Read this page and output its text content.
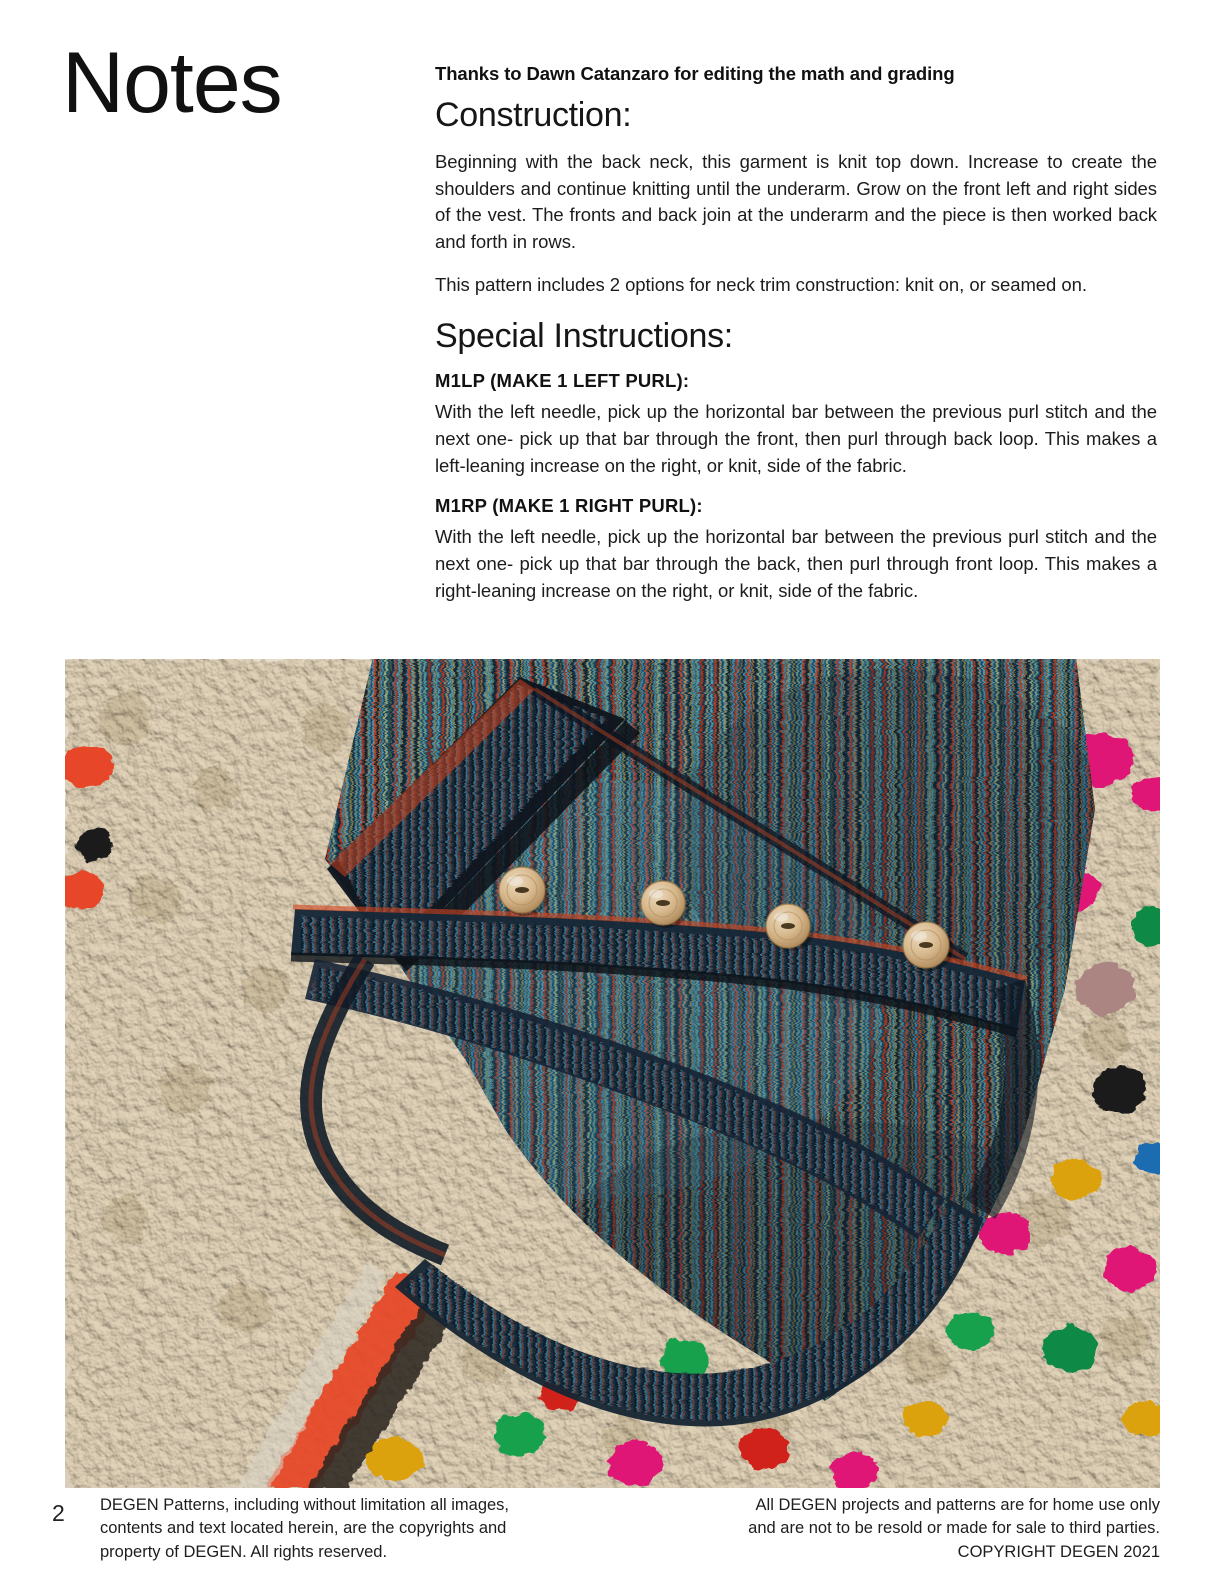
Notes	Thanks to Dawn Catanzaro for editing the math and grading

Construction:

Beginning with the back neck, this garment is knit top down. Increase to create the shoulders and continue knitting until the underarm. Grow on the front left and right sides of the vest. The fronts and back join at the underarm and the piece is then worked back and forth in rows.

This pattern includes 2 options for neck trim construction: knit on, or seamed on.

Special Instructions:
M1LP (MAKE 1 LEFT PURL):

With the left needle, pick up the horizontal bar between the previous purl stitch and the next one- pick up that bar through the front, then purl through back loop. This makes a left-leaning increase on the right, or knit, side of the fabric.

M1RP (MAKE 1 RIGHT PURL):

With the left needle, pick up the horizontal bar between the previous purl stitch and the next one- pick up that bar through the back, then purl through front loop. This makes a right-leaning increase on the right, or knit, side of the fabric.

2 DEGEN Patterns, including without limitation all images,
contents and text located herein, are the copyrights and
property of DEGEN. All rights reserved.
All DEGEN projects and patterns are for home use only
and are not to be resold or made for sale to third parties.
COPYRIGHT DEGEN 2021
